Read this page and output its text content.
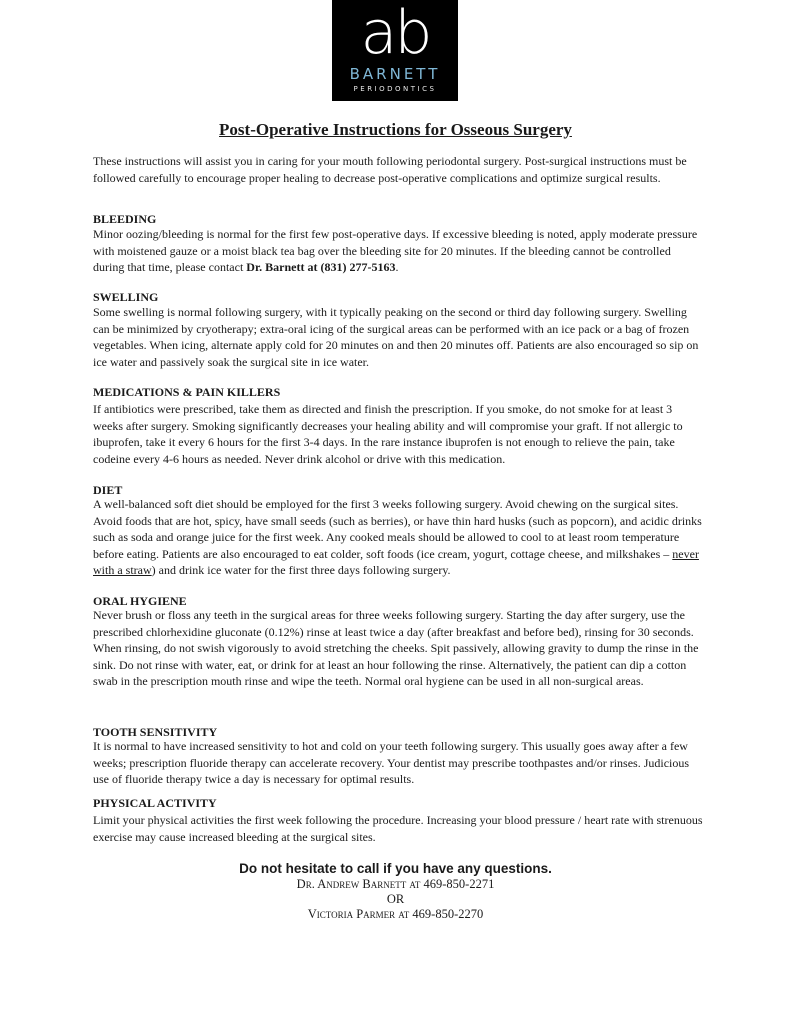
ab
BARNETT
PERIODONTICS
Post-Operative Instructions for Osseous Surgery
These instructions will assist you in caring for your mouth following periodontal surgery. Post-surgical instructions must be followed carefully to encourage proper healing to decrease post-operative complications and optimize surgical results.
BLEEDING
Minor oozing/bleeding is normal for the first few post-operative days. If excessive bleeding is noted, apply moderate pressure with moistened gauze or a moist black tea bag over the bleeding site for 20 minutes. If the bleeding cannot be controlled during that time, please contact Dr. Barnett at (831) 277-5163.
SWELLING
Some swelling is normal following surgery, with it typically peaking on the second or third day following surgery. Swelling can be minimized by cryotherapy; extra-oral icing of the surgical areas can be performed with an ice pack or a bag of frozen vegetables. When icing, alternate apply cold for 20 minutes on and then 20 minutes off. Patients are also encouraged so sip on ice water and passively soak the surgical site in ice water.
MEDICATIONS & PAIN KILLERS
If antibiotics were prescribed, take them as directed and finish the prescription. If you smoke, do not smoke for at least 3 weeks after surgery. Smoking significantly decreases your healing ability and will compromise your graft. If not allergic to ibuprofen, take it every 6 hours for the first 3-4 days. In the rare instance ibuprofen is not enough to relieve the pain, take codeine every 4-6 hours as needed. Never drink alcohol or drive with this medication.
DIET
A well-balanced soft diet should be employed for the first 3 weeks following surgery. Avoid chewing on the surgical sites. Avoid foods that are hot, spicy, have small seeds (such as berries), or have thin hard husks (such as popcorn), and acidic drinks such as soda and orange juice for the first week. Any cooked meals should be allowed to cool to at least room temperature before eating. Patients are also encouraged to eat colder, soft foods (ice cream, yogurt, cottage cheese, and milkshakes – never with a straw) and drink ice water for the first three days following surgery.
ORAL HYGIENE
Never brush or floss any teeth in the surgical areas for three weeks following surgery. Starting the day after surgery, use the prescribed chlorhexidine gluconate (0.12%) rinse at least twice a day (after breakfast and before bed), rinsing for 30 seconds. When rinsing, do not swish vigorously to avoid stretching the cheeks. Spit passively, allowing gravity to dump the rinse in the sink. Do not rinse with water, eat, or drink for at least an hour following the rinse. Alternatively, the patient can dip a cotton swab in the prescription mouth rinse and wipe the teeth. Normal oral hygiene can be used in all non-surgical areas.
TOOTH SENSITIVITY
It is normal to have increased sensitivity to hot and cold on your teeth following surgery. This usually goes away after a few weeks; prescription fluoride therapy can accelerate recovery. Your dentist may prescribe toothpastes and/or rinses. Judicious use of fluoride therapy twice a day is necessary for optimal results.
PHYSICAL ACTIVITY
Limit your physical activities the first week following the procedure. Increasing your blood pressure / heart rate with strenuous exercise may cause increased bleeding at the surgical sites.
Do not hesitate to call if you have any questions.
Dr. Andrew Barnett at 469-850-2271
OR
Victoria Parmer at 469-850-2270
